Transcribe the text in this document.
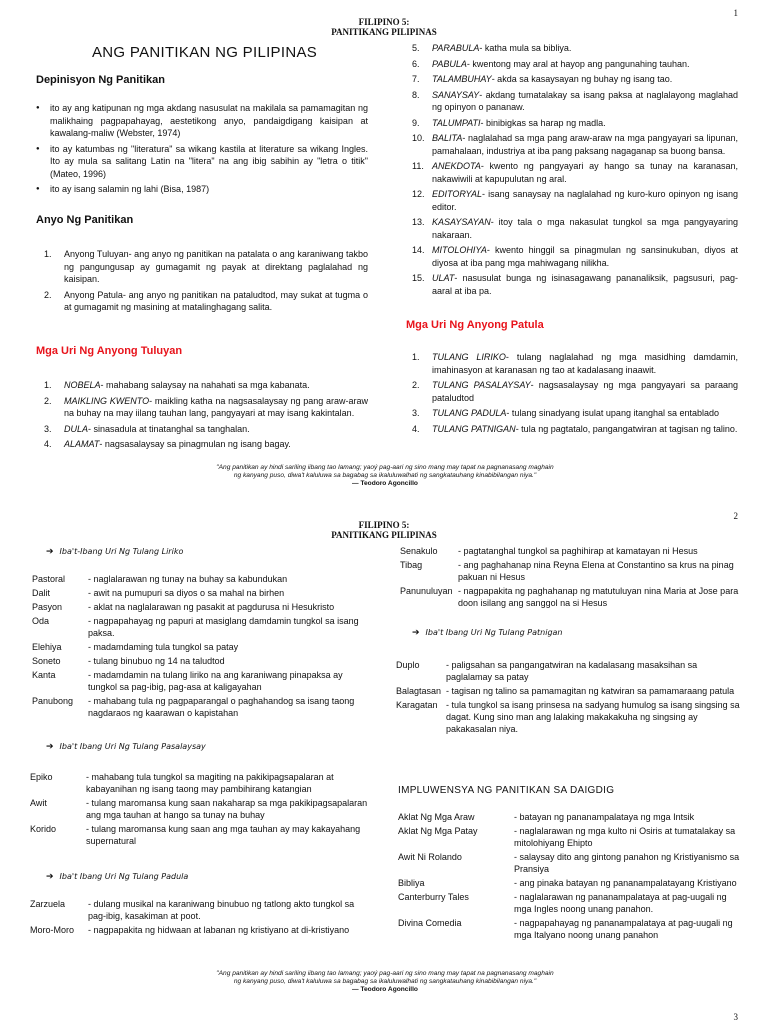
1
FILIPINO 5:
PANITIKANG PILIPINAS
ANG PANITIKAN NG PILIPINAS
Depinisyon Ng Panitikan
● ito ay ang katipunan ng mga akdang nasusulat na makilala sa pamamagitan ng malikhaing pagpapahayag, aestetikong anyo, pandaigdigang kaisipan at kawalang-maliw (Webster, 1974)
● ito ay katumbas ng "literatura" sa wikang kastila at literature sa wikang Ingles. Ito ay mula sa salitang Latin na "litera" na ang ibig sabihin ay "letra o titik" (Mateo, 1996)
● ito ay isang salamin ng lahi (Bisa, 1987)
Anyo Ng Panitikan
1. Anyong Tuluyan- ang anyo ng panitikan na patalata o ang karaniwang takbo ng pangungusap ay gumagamit ng payak at direktang paglalahad ng kaisipan.
2. Anyong Patula- ang anyo ng panitikan na pataludtod, may sukat at tugma o at gumagamit ng masining at matalinghagang salita.
Mga Uri Ng Anyong Tuluyan
1. NOBELA- mahabang salaysay na nahahati sa mga kabanata.
2. MAIKLING KWENTO- maikling katha na nagsasalaysay ng pang araw-araw na buhay na may iilang tauhan lang, pangyayari at may isang kakintalan.
3. DULA- sinasadula at tinatanghal sa tanghalan.
4. ALAMAT- nagsasalaysay sa pinagmulan ng isang bagay.
5. PARABULA- katha mula sa bibliya.
6. PABULA- kwentong may aral at hayop ang pangunahing tauhan.
7. TALAMBUHAY- akda sa kasaysayan ng buhay ng isang tao.
8. SANAYSAY- akdang tumatalakay sa isang paksa at naglalayong maglahad ng opinyon o pananaw.
9. TALUMPATI- binibigkas sa harap ng madla.
10. BALITA- naglalahad sa mga pang araw-araw na mga pangyayari sa lipunan, pamahalaan, industriya at iba pang paksang nagaganap sa buong bansa.
11. ANEKDOTA- kwento ng pangyayari ay hango sa tunay na karanasan, nakawiwili at kapupulutan ng aral.
12. EDITORYAL- isang sanaysay na naglalahad ng kuro-kuro opinyon ng isang editor.
13. KASAYSAYAN- itoy tala o mga nakasulat tungkol sa mga pangyayaring nakaraan.
14. MITOLOHIYA- kwento hinggil sa pinagmulan ng sansinukuban, diyos at diyosa at iba pang mga mahiwagang nilikha.
15. ULAT- nasusulat bunga ng isinasagawang pananaliksik, pagsusuri, pag-aaral at iba pa.
Mga Uri Ng Anyong Patula
1. TULANG LIRIKO- tulang naglalahad ng mga masidhing damdamin, imahinasyon at karanasan ng tao at kadalasang inaawit.
2. TULANG PASALAYSAY- nagsasalaysay ng mga pangyayari sa paraang pataludtod
3. TULANG PADULA- tulang sinadyang isulat upang itanghal sa entablado
4. TULANG PATNIGAN- tula ng pagtatalo, pangangatwiran at tagisan ng talino.
"Ang panitikan ay hindi sariling iibang tao lamang; yaoý pag-aari ng sino mang may tapat na pagnanasang maghain
ng kanyang puso, diwa't kaluluwa sa bagabag sa ikaluluwalhati ng sangkatauhang kinabibilangan niya."
— Teodoro Agoncillo
2
FILIPINO 5:
PANITIKANG PILIPINAS
➔ Iba't-Ibang Uri Ng Tulang Liriko
Pastoral	- naglalarawan ng tunay na buhay sa kabundukan
Dalit	- awit na pumupuri sa diyos o sa mahal na birhen
Pasyon	- aklat na naglalarawan ng pasakit at pagdurusa ni Hesukristo
Oda	- nagpapahayag ng papuri at masiglang damdamin tungkol sa isang paksa.
Elehiya	- madamdaming tula tungkol sa patay
Soneto	- tulang binubuo ng 14 na taludtod
Kanta	- madamdamin na tulang liriko na ang karaniwang pinapaksa ay tungkol sa pag-ibig, pag-asa at kaligayahan
Panubong	- mahabang tula ng pagpaparangal o paghahandog sa isang taong nagdaraos ng kaarawan o kapistahan
➔ Iba't Ibang Uri Ng Tulang Pasalaysay
Epiko	- mahabang tula tungkol sa magiting na pakikipagsapalaran at kabayanihan ng isang taong may pambihirang katangian
Awit	- tulang maromansa kung saan nakaharap sa mga pakikipagsapalaran ang mga tauhan at hango sa tunay na buhay
Korido	- tulang maromansa kung saan ang mga tauhan ay may kakayahang supernatural
➔ Iba't Ibang Uri Ng Tulang Padula
Zarzuela	- dulang musikal na karaniwang binubuo ng tatlong akto tungkol sa pag-ibig, kasakiman at poot.
Moro-Moro	- nagpapakita ng hidwaan at labanan ng kristiyano at di-kristiyano
Senakulo	- pagtatanghal tungkol sa paghihirap at kamatayan ni Hesus
Tibag	- ang paghahanap nina Reyna Elena at Constantino sa krus na pinag pakuan ni Hesus
Panunuluyan - nagpapakita ng paghahanap ng matutuluyan nina Maria at Jose para doon isilang ang sanggol na si Hesus
➔ Iba't Ibang Uri Ng Tulang Patnigan
Duplo	- paligsahan sa pangangatwiran na kadalasang masaksihan sa paglalamay sa patay
Balagtasan - tagisan ng talino sa pamamagitan ng katwiran sa pamamaraang patula
Karagatan - tula tungkol sa isang prinsesa na sadyang humulog sa isang singsing sa dagat. Kung sino man ang lalaking makakakuha ng singsing ay pakakasalan niya.
IMPLUWENSYA NG PANITIKAN SA DAIGDIG
Aklat Ng Mga Araw	- batayan ng pananampalataya ng mga Intsik
Aklat Ng Mga Patay	- naglalarawan ng mga kulto ni Osiris at tumatalakay sa mitolohiyang Ehipto
Awit Ni Rolando	- salaysay dito ang gintong panahon ng Kristiyanismo sa Pransiya
Bibliya	- ang pinaka batayan ng pananampalatayang Kristiyano
Canterburry Tales	- naglalarawan ng pananampalataya at pag-uugali ng mga Ingles noong unang panahon.
Divina Comedia	- nagpapahayag ng pananampalataya at pag-uugali ng mga Italyano noong unang panahon
"Ang panitikan ay hindi sariling iibang tao lamang; yaoý pag-aari ng sino mang may tapat na pagnanasang maghain
ng kanyang puso, diwa't kaluluwa sa bagabag sa ikaluluwalhati ng sangkatauhang kinabibilangan niya."
— Teodoro Agoncillo
3
